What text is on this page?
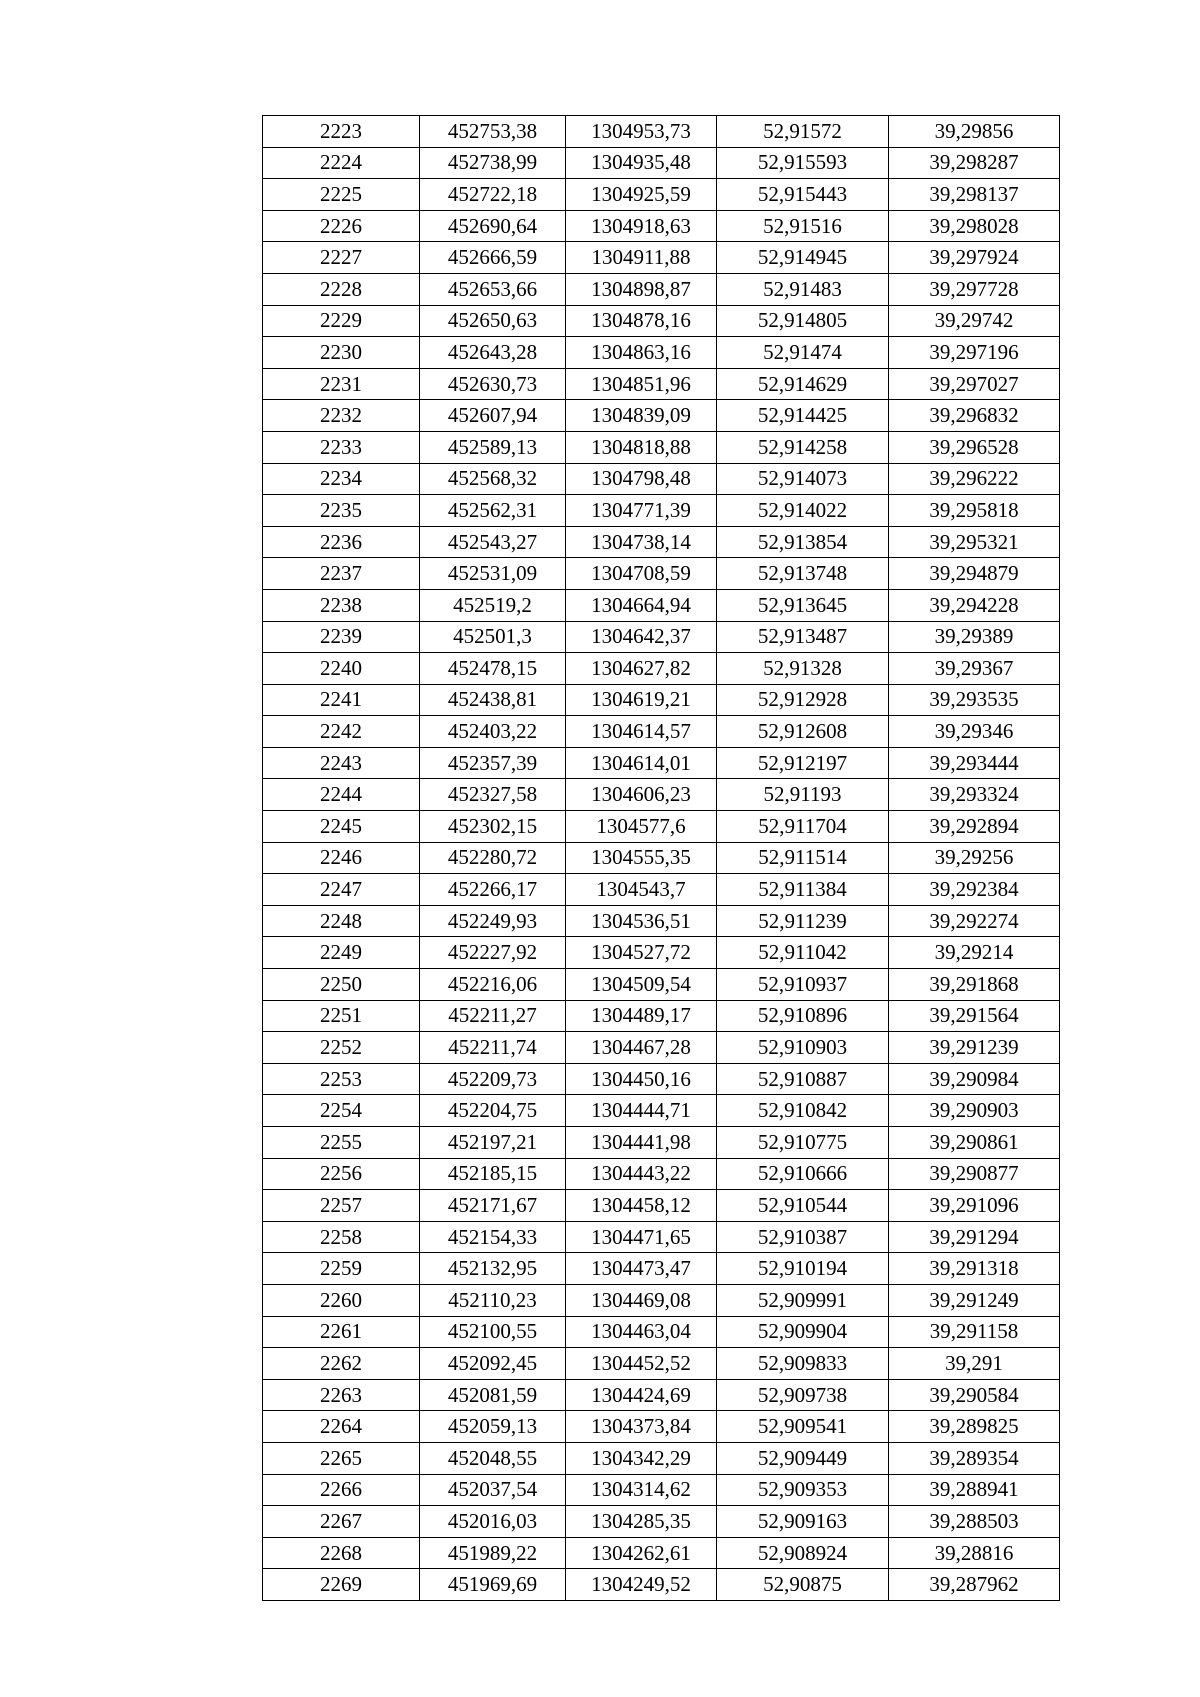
2223	452753,38	1304953,73	52,91572	39,29856
2224	452738,99	1304935,48	52,915593	39,298287
2225	452722,18	1304925,59	52,915443	39,298137
2226	452690,64	1304918,63	52,91516	39,298028
2227	452666,59	1304911,88	52,914945	39,297924
2228	452653,66	1304898,87	52,91483	39,297728
2229	452650,63	1304878,16	52,914805	39,29742
2230	452643,28	1304863,16	52,91474	39,297196
2231	452630,73	1304851,96	52,914629	39,297027
2232	452607,94	1304839,09	52,914425	39,296832
2233	452589,13	1304818,88	52,914258	39,296528
2234	452568,32	1304798,48	52,914073	39,296222
2235	452562,31	1304771,39	52,914022	39,295818
2236	452543,27	1304738,14	52,913854	39,295321
2237	452531,09	1304708,59	52,913748	39,294879
2238	452519,2	1304664,94	52,913645	39,294228
2239	452501,3	1304642,37	52,913487	39,29389
2240	452478,15	1304627,82	52,91328	39,29367
2241	452438,81	1304619,21	52,912928	39,293535
2242	452403,22	1304614,57	52,912608	39,29346
2243	452357,39	1304614,01	52,912197	39,293444
2244	452327,58	1304606,23	52,91193	39,293324
2245	452302,15	1304577,6	52,911704	39,292894
2246	452280,72	1304555,35	52,911514	39,29256
2247	452266,17	1304543,7	52,911384	39,292384
2248	452249,93	1304536,51	52,911239	39,292274
2249	452227,92	1304527,72	52,911042	39,29214
2250	452216,06	1304509,54	52,910937	39,291868
2251	452211,27	1304489,17	52,910896	39,291564
2252	452211,74	1304467,28	52,910903	39,291239
2253	452209,73	1304450,16	52,910887	39,290984
2254	452204,75	1304444,71	52,910842	39,290903
2255	452197,21	1304441,98	52,910775	39,290861
2256	452185,15	1304443,22	52,910666	39,290877
2257	452171,67	1304458,12	52,910544	39,291096
2258	452154,33	1304471,65	52,910387	39,291294
2259	452132,95	1304473,47	52,910194	39,291318
2260	452110,23	1304469,08	52,909991	39,291249
2261	452100,55	1304463,04	52,909904	39,291158
2262	452092,45	1304452,52	52,909833	39,291
2263	452081,59	1304424,69	52,909738	39,290584
2264	452059,13	1304373,84	52,909541	39,289825
2265	452048,55	1304342,29	52,909449	39,289354
2266	452037,54	1304314,62	52,909353	39,288941
2267	452016,03	1304285,35	52,909163	39,288503
2268	451989,22	1304262,61	52,908924	39,28816
2269	451969,69	1304249,52	52,90875	39,287962
